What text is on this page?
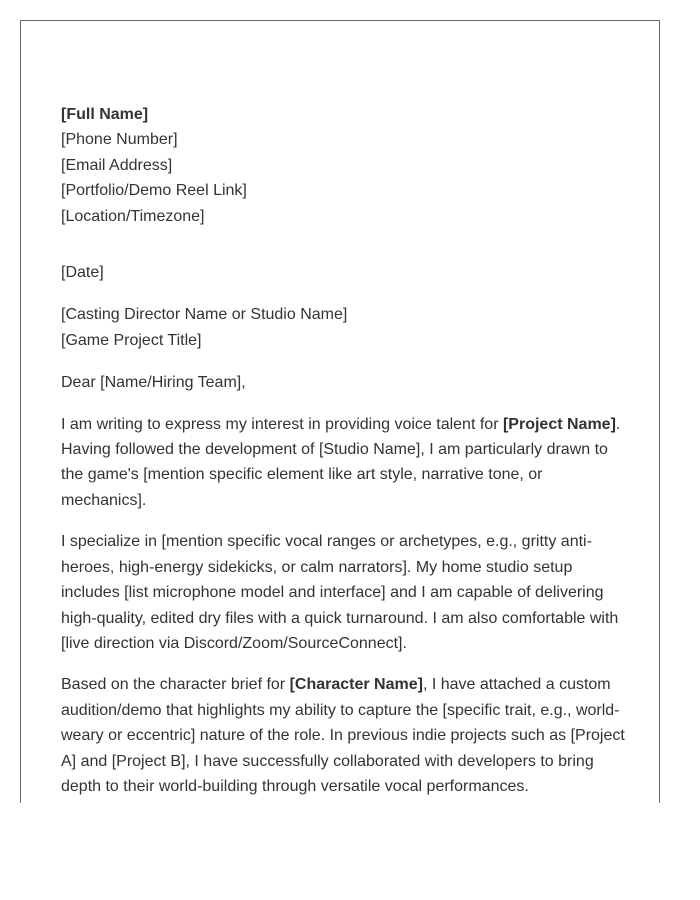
[Full Name]
[Phone Number]
[Email Address]
[Portfolio/Demo Reel Link]
[Location/Timezone]
[Date]
[Casting Director Name or Studio Name]
[Game Project Title]
Dear [Name/Hiring Team],

I am writing to express my interest in providing voice talent for [Project Name]. Having followed the development of [Studio Name], I am particularly drawn to the game's [mention specific element like art style, narrative tone, or mechanics].

I specialize in [mention specific vocal ranges or archetypes, e.g., gritty anti-heroes, high-energy sidekicks, or calm narrators]. My home studio setup includes [list microphone model and interface] and I am capable of delivering high-quality, edited dry files with a quick turnaround. I am also comfortable with [live direction via Discord/Zoom/SourceConnect].

Based on the character brief for [Character Name], I have attached a custom audition/demo that highlights my ability to capture the [specific trait, e.g., world-weary or eccentric] nature of the role. In previous indie projects such as [Project A] and [Project B], I have successfully collaborated with developers to bring depth to their world-building through versatile vocal performances.
